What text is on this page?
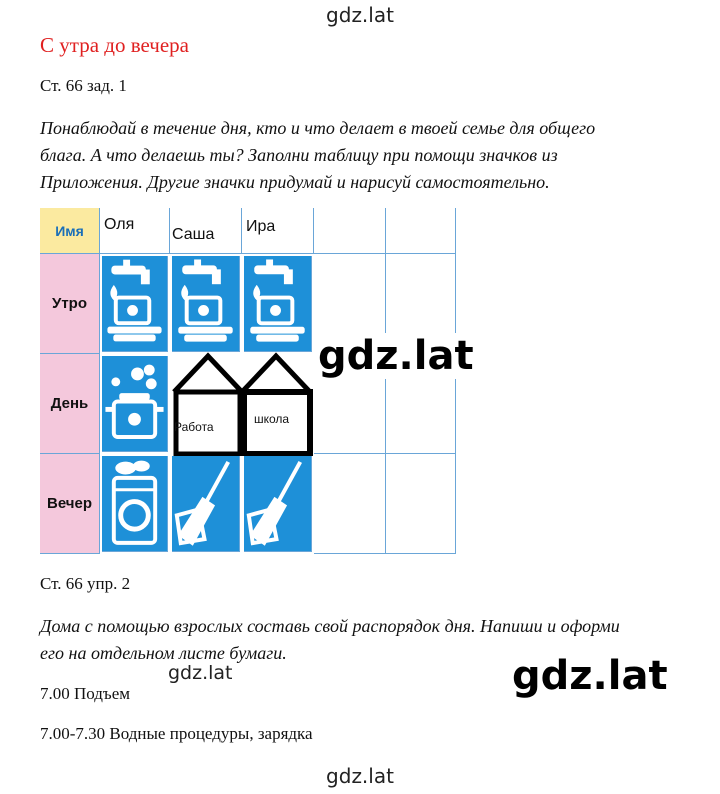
gdz.lat
С утра до вечера
Ст. 66 зад. 1
Понаблюдай в течение дня, кто и что делает в твоей семье для общего
блага. А что делаешь ты? Заполни таблицу при помощи значков из
Приложения. Другие значки придумай и нарисуй самостоятельно.
Имя Оля
Саша	Ира
Утро
День
Вечер
Работа
школа
gdz.lat
Ст. 66 упр. 2
Дома с помощью взрослых составь свой распорядок дня. Напиши и оформи
его на отдельном листе бумаги.
gdz.lat	gdz.lat
7.00 Подъем
7.00-7.30 Водные процедуры, зарядка
gdz.lat
